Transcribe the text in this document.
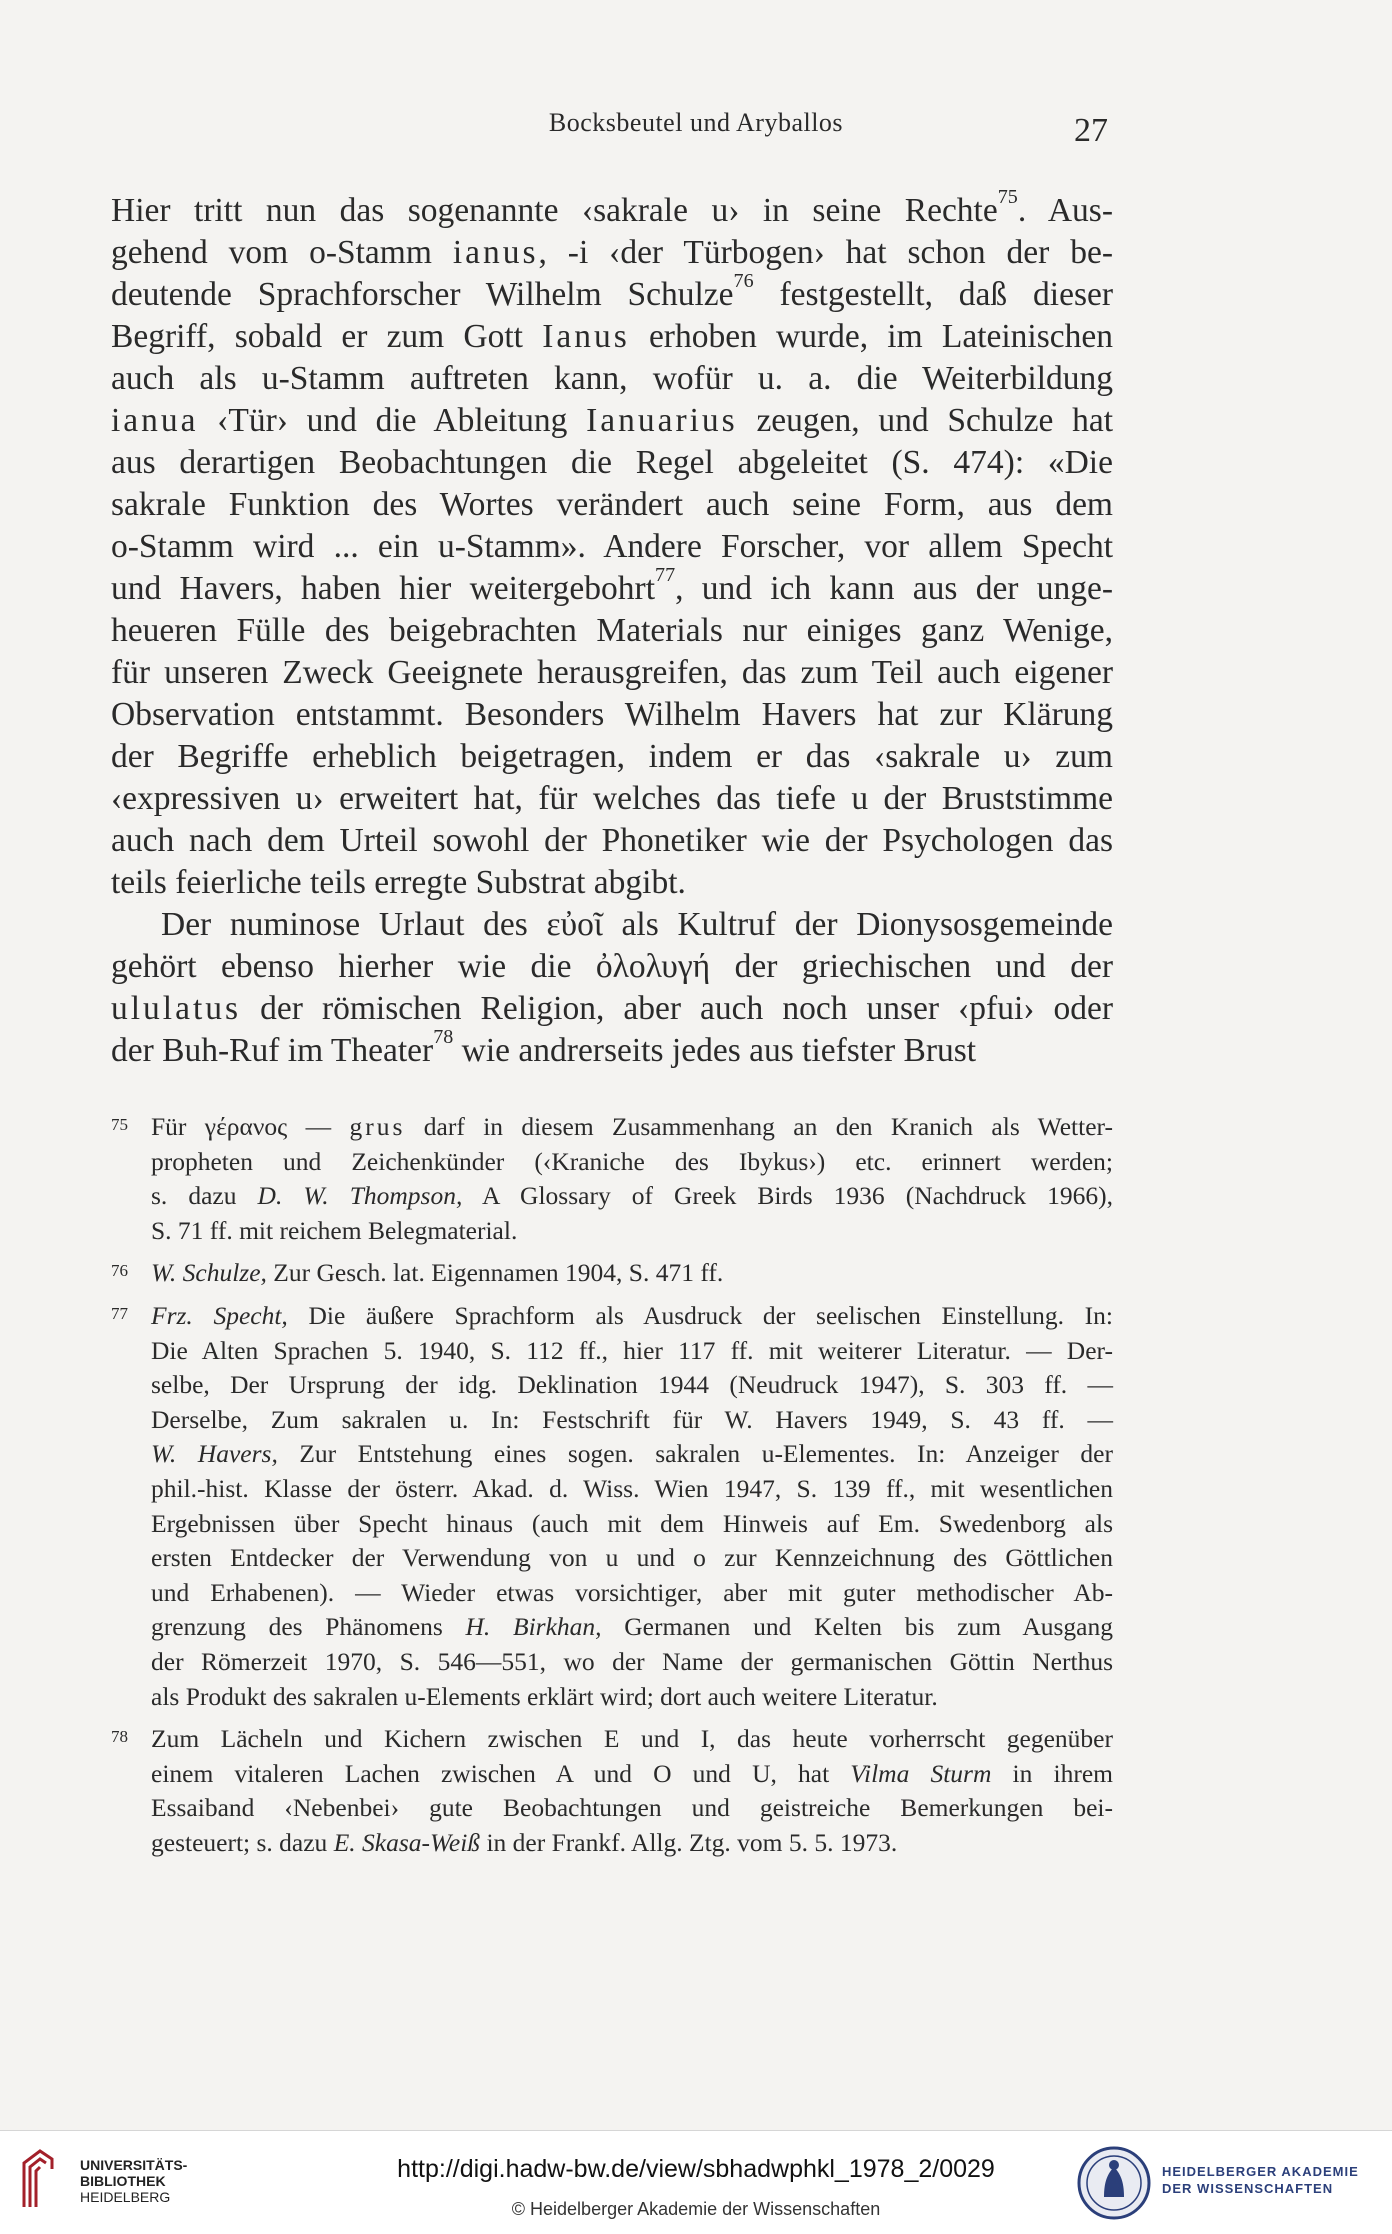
Bocksbeutel und Aryballos	27
Hier tritt nun das sogenannte ‹sakrale u› in seine Rechte$^{75}$. Aus-
gehend vom o-Stamm ianus, -i ‹der Türbogen› hat schon der be-
deutende Sprachforscher Wilhelm Schulze$^{76}$ festgestellt, daß dieser
Begriff, sobald er zum Gott Ianus erhoben wurde, im Lateinischen
auch als u-Stamm auftreten kann, wofür u. a. die Weiterbildung
ianua ‹Tür› und die Ableitung Ianuarius zeugen, und Schulze hat
aus derartigen Beobachtungen die Regel abgeleitet (S. 474): «Die
sakrale Funktion des Wortes verändert auch seine Form, aus dem
o-Stamm wird ... ein u-Stamm». Andere Forscher, vor allem Specht
und Havers, haben hier weitergebohrt$^{77}$, und ich kann aus der unge-
heueren Fülle des beigebrachten Materials nur einiges ganz Wenige,
für unseren Zweck Geeignete herausgreifen, das zum Teil auch eigener
Observation entstammt. Besonders Wilhelm Havers hat zur Klärung
der Begriffe erheblich beigetragen, indem er das ‹sakrale u› zum
‹expressiven u› erweitert hat, für welches das tiefe u der Bruststimme
auch nach dem Urteil sowohl der Phonetiker wie der Psychologen das
teils feierliche teils erregte Substrat abgibt.
Der numinose Urlaut des εὐοῖ als Kultruf der Dionysosgemeinde
gehört ebenso hierher wie die ὀλολυγή der griechischen und der
ululatus der römischen Religion, aber auch noch unser ‹pfui› oder
der Buh-Ruf im Theater$^{78}$ wie andrerseits jedes aus tiefster Brust
75 Für γέρανος — grus darf in diesem Zusammenhang an den Kranich als Wetter-
propheten und Zeichenkünder (‹Kraniche des Ibykus›) etc. erinnert werden;
s. dazu D. W. Thompson, A Glossary of Greek Birds 1936 (Nachdruck 1966),
S. 71 ff. mit reichem Belegmaterial.
76 W. Schulze, Zur Gesch. lat. Eigennamen 1904, S. 471 ff.
77 Frz. Specht, Die äußere Sprachform als Ausdruck der seelischen Einstellung. In:
Die Alten Sprachen 5. 1940, S. 112 ff., hier 117 ff. mit weiterer Literatur. — Der-
selbe, Der Ursprung der idg. Deklination 1944 (Neudruck 1947), S. 303 ff. —
Derselbe, Zum sakralen u. In: Festschrift für W. Havers 1949, S. 43 ff. —
W. Havers, Zur Entstehung eines sogen. sakralen u-Elementes. In: Anzeiger der
phil.-hist. Klasse der österr. Akad. d. Wiss. Wien 1947, S. 139 ff., mit wesentlichen
Ergebnissen über Specht hinaus (auch mit dem Hinweis auf Em. Swedenborg als
ersten Entdecker der Verwendung von u und o zur Kennzeichnung des Göttlichen
und Erhabenen). — Wieder etwas vorsichtiger, aber mit guter methodischer Ab-
grenzung des Phänomens H. Birkhan, Germanen und Kelten bis zum Ausgang
der Römerzeit 1970, S. 546—551, wo der Name der germanischen Göttin Nerthus
als Produkt des sakralen u-Elements erklärt wird; dort auch weitere Literatur.
78 Zum Lächeln und Kichern zwischen E und I, das heute vorherrscht gegenüber
einem vitaleren Lachen zwischen A und O und U, hat Vilma Sturm in ihrem
Essaiband ‹Nebenbei› gute Beobachtungen und geistreiche Bemerkungen bei-
gesteuert; s. dazu E. Skasa-Weiß in der Frankf. Allg. Ztg. vom 5. 5. 1973.
UNIVERSITÄTS-
BIBLIOTHEK
HEIDELBERG
http://digi.hadw-bw.de/view/sbhadwphkl_1978_2/0029
© Heidelberger Akademie der Wissenschaften
HEIDELBERGER AKADEMIE
DER WISSENSCHAFTEN
